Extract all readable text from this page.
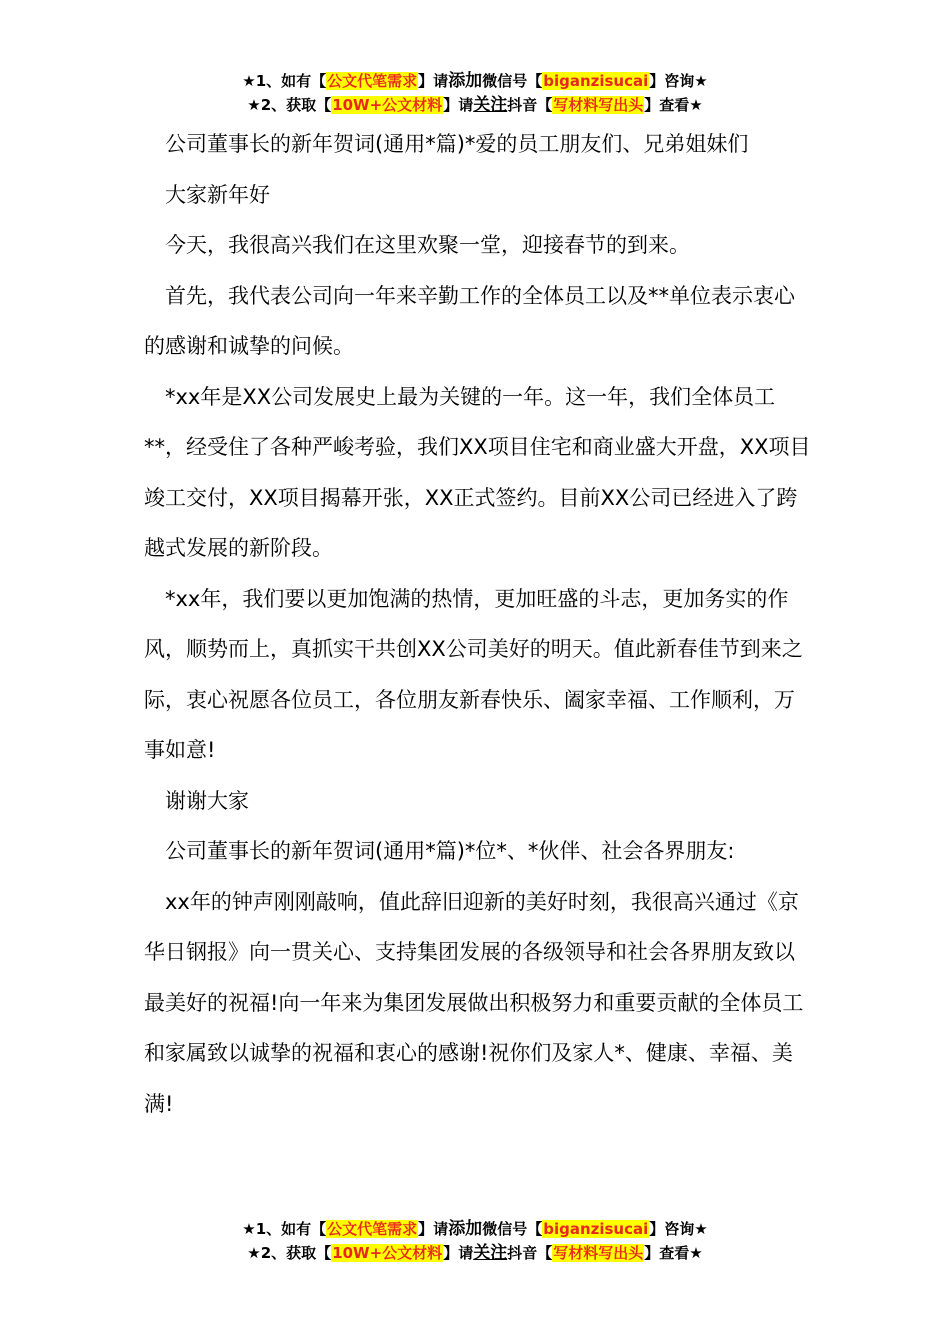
★1、如有【公文代笔需求】请添加微信号【biganzisucai】咨询★
★2、获取【10W+公文材料】请关注抖音【写材料写出头】查看★

公司董事长的新年贺词(通用*篇)*爱的员工朋友们、兄弟姐妹们

大家新年好

今天，我很高兴我们在这里欢聚一堂，迎接春节的到来。

首先，我代表公司向一年来辛勤工作的全体员工以及**单位表示衷心的感谢和诚挚的问候。

*xx年是XX公司发展史上最为关键的一年。这一年，我们全体员工**，经受住了各种严峻考验，我们XX项目住宅和商业盛大开盘，XX项目竣工交付，XX项目揭幕开张，XX正式签约。目前XX公司已经进入了跨越式发展的新阶段。

*xx年，我们要以更加饱满的热情，更加旺盛的斗志，更加务实的作风，顺势而上，真抓实干共创XX公司美好的明天。值此新春佳节到来之际，衷心祝愿各位员工，各位朋友新春快乐、阖家幸福、工作顺利，万事如意!

谢谢大家

公司董事长的新年贺词(通用*篇)*位*、*伙伴、社会各界朋友:

xx年的钟声刚刚敲响，值此辞旧迎新的美好时刻，我很高兴通过《京华日钢报》向一贯关心、支持集团发展的各级领导和社会各界朋友致以最美好的祝福!向一年来为集团发展做出积极努力和重要贡献的全体员工和家属致以诚挚的祝福和衷心的感谢!祝你们及家人*、健康、幸福、美满!

★1、如有【公文代笔需求】请添加微信号【biganzisucai】咨询★
★2、获取【10W+公文材料】请关注抖音【写材料写出头】查看★
